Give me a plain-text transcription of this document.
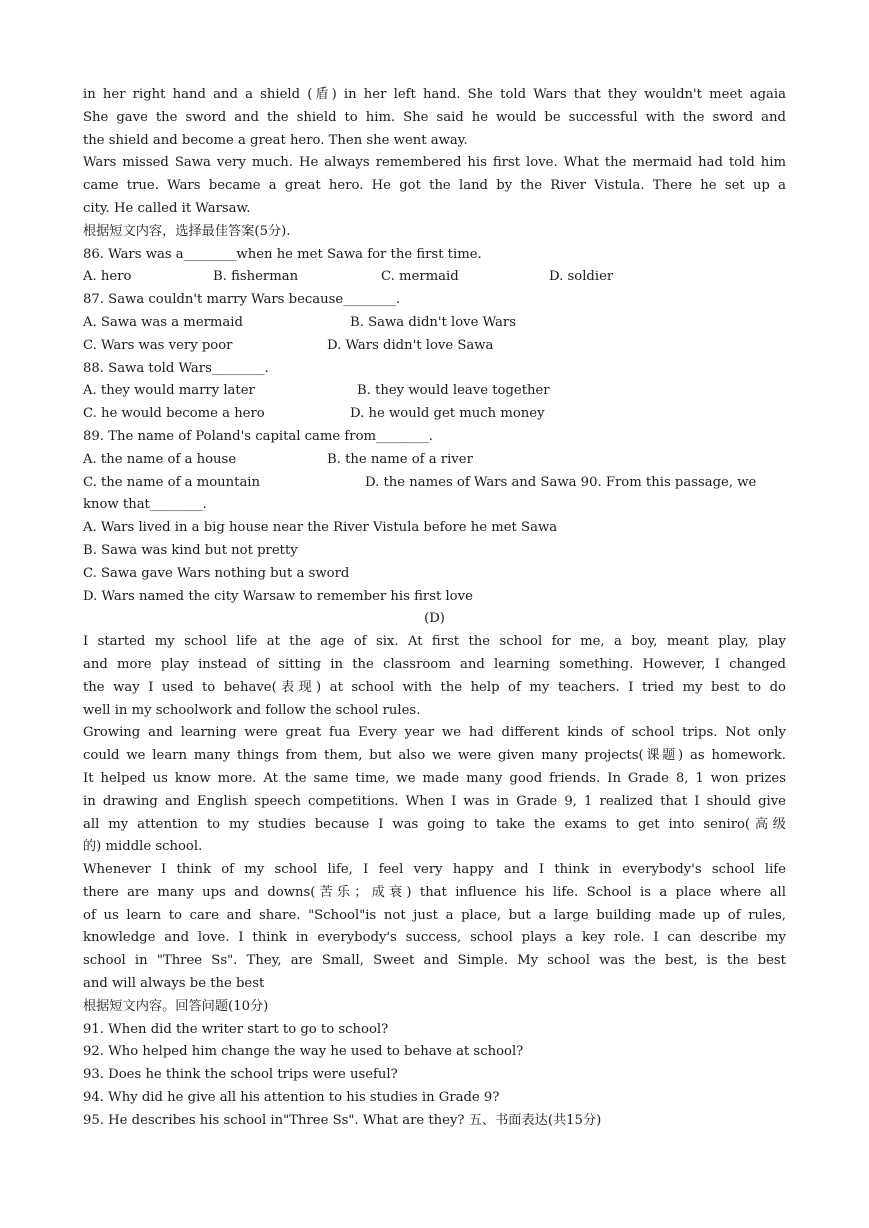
in her right hand and a shield (盾) in her left hand. She told Wars that they wouldn't meet agaia
She gave the sword and the shield to him. She said he would be successful with the sword and
the shield and become a great hero. Then she went away.
Wars missed Sawa very much. He always remembered his first love. What the mermaid had told him
came true. Wars became a great hero. He got the land by the River Vistula. There he set up a
city. He called it Warsaw.
根据短文内容，选择最佳答案(5分).
86. Wars was a________when he met Sawa for the first time.
A. hero	B. fisherman	C. mermaid	D. soldier
87. Sawa couldn't marry Wars because________.
A. Sawa was a mermaid	B. Sawa didn't love Wars
C. Wars was very poor	D. Wars didn't love Sawa
88. Sawa told Wars________.
A. they would marry later	B. they would leave together
C. he would become a hero	D. he would get much money
89. The name of Poland's capital came from________.
A. the name of a house	B. the name of a river
C. the name of a mountain	D. the names of Wars and Sawa 90. From this passage, we
know that________.
A. Wars lived in a big house near the River Vistula before he met Sawa
B. Sawa was kind but not pretty
C. Sawa gave Wars nothing but a sword
D. Wars named the city Warsaw to remember his first love
(D)
I started my school life at the age of six. At first the school for me, a boy, meant play, play
and more play instead of sitting in the classroom and learning something. However, I changed
the way I used to behave(表现) at school with the help of my teachers. I tried my best to do
well in my schoolwork and follow the school rules.
Growing and learning were great fua Every year we had different kinds of school trips. Not only
could we learn many things from them, but also we were given many projects(课题) as homework.
It helped us know more. At the same time, we made many good friends. In Grade 8, 1 won prizes
in drawing and English speech competitions. When I was in Grade 9, 1 realized that I should give
all my attention to my studies because I was going to take the exams to get into seniro(高级
的) middle school.
Whenever I think of my school life, I feel very happy and I think in everybody's school life
there are many ups and downs(苦乐；成衰) that influence his life. School is a place where all
of us learn to care and share. "School"is not just a place, but a large building made up of rules,
knowledge and love. I think in everybody's success, school plays a key role. I can describe my
school in "Three Ss". They, are Small, Sweet and Simple. My school was the best, is the best
and will always be the best
根据短文内容。回答问题(10分)
91. When did the writer start to go to school?
92. Who helped him change the way he used to behave at school?
93. Does he think the school trips were useful?
94. Why did he give all his attention to his studies in Grade 9?
95. He describes his school in"Three Ss". What are they? 五、书面表达(共15分)
